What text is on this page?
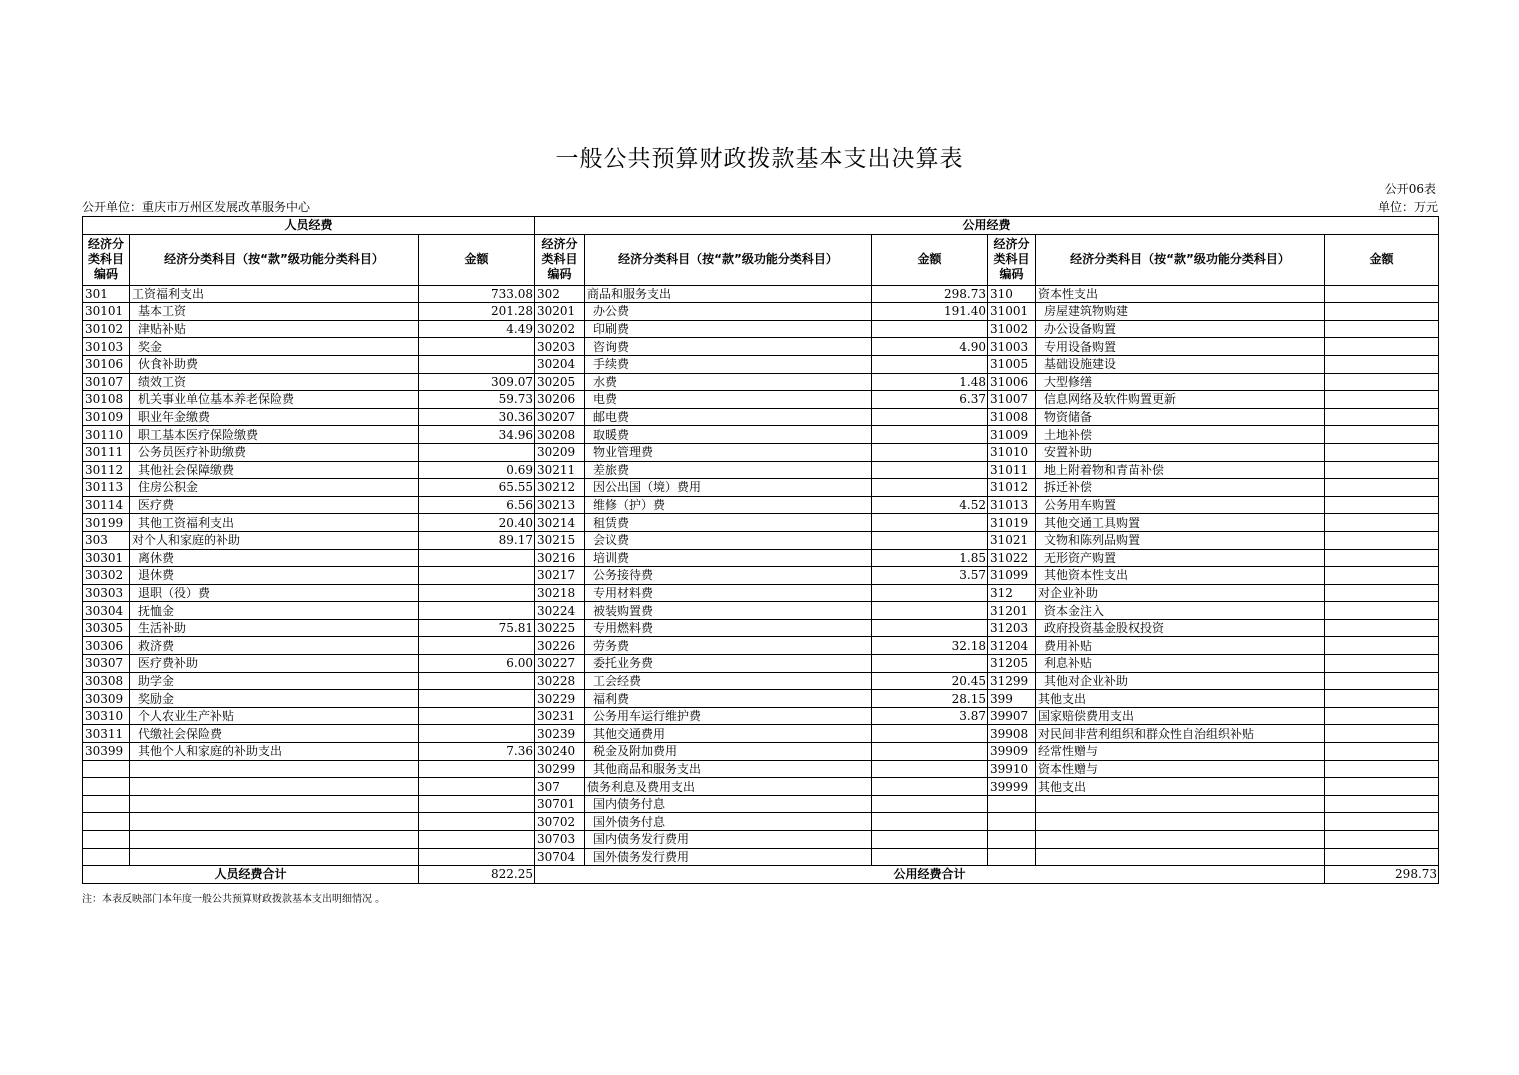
一般公共预算财政拨款基本支出决算表
公开06表
公开单位：重庆市万州区发展改革服务中心	单位：万元
人员经费			公用经费					
经济分类科目编码	经济分类科目（按“款”级功能分类科目）	金额	经济分类科目编码	经济分类科目（按“款”级功能分类科目）	金额	经济分类科目编码	经济分类科目（按“款”级功能分类科目）	金额
301	工资福利支出	733.08	302	商品和服务支出	298.73	310	资本性支出	
30101	基本工资	201.28	30201	办公费	191.40	31001	房屋建筑物购建	
30102	津贴补贴	4.49	30202	印刷费		31002	办公设备购置	
30103	奖金		30203	咨询费	4.90	31003	专用设备购置	
30106	伙食补助费		30204	手续费		31005	基础设施建设	
30107	绩效工资	309.07	30205	水费	1.48	31006	大型修缮	
30108	机关事业单位基本养老保险费	59.73	30206	电费	6.37	31007	信息网络及软件购置更新	
30109	职业年金缴费	30.36	30207	邮电费		31008	物资储备	
30110	职工基本医疗保险缴费	34.96	30208	取暖费		31009	土地补偿	
30111	公务员医疗补助缴费		30209	物业管理费		31010	安置补助	
30112	其他社会保障缴费	0.69	30211	差旅费		31011	地上附着物和青苗补偿	
30113	住房公积金	65.55	30212	因公出国（境）费用		31012	拆迁补偿	
30114	医疗费	6.56	30213	维修（护）费	4.52	31013	公务用车购置	
30199	其他工资福利支出	20.40	30214	租赁费		31019	其他交通工具购置	
303	对个人和家庭的补助	89.17	30215	会议费		31021	文物和陈列品购置	
30301	离休费		30216	培训费	1.85	31022	无形资产购置	
30302	退休费		30217	公务接待费	3.57	31099	其他资本性支出	
30303	退职（役）费		30218	专用材料费		312	对企业补助	
30304	抚恤金		30224	被装购置费		31201	资本金注入	
30305	生活补助	75.81	30225	专用燃料费		31203	政府投资基金股权投资	
30306	救济费		30226	劳务费	32.18	31204	费用补贴	
30307	医疗费补助	6.00	30227	委托业务费		31205	利息补贴	
30308	助学金		30228	工会经费	20.45	31299	其他对企业补助	
30309	奖励金		30229	福利费	28.15	399	其他支出	
30310	个人农业生产补贴		30231	公务用车运行维护费	3.87	39907	国家赔偿费用支出	
30311	代缴社会保险费		30239	其他交通费用		39908	对民间非营利组织和群众性自治组织补贴	
30399	其他个人和家庭的补助支出	7.36	30240	税金及附加费用		39909	经常性赠与	
			30299	其他商品和服务支出		39910	资本性赠与	
			307	债务利息及费用支出		39999	其他支出	
			30701	国内债务付息				
			30702	国外债务付息				
			30703	国内债务发行费用				
			30704	国外债务发行费用				
人员经费合计		822.25	公用经费合计					298.73
注：本表反映部门本年度一般公共预算财政拨款基本支出明细情况 。
